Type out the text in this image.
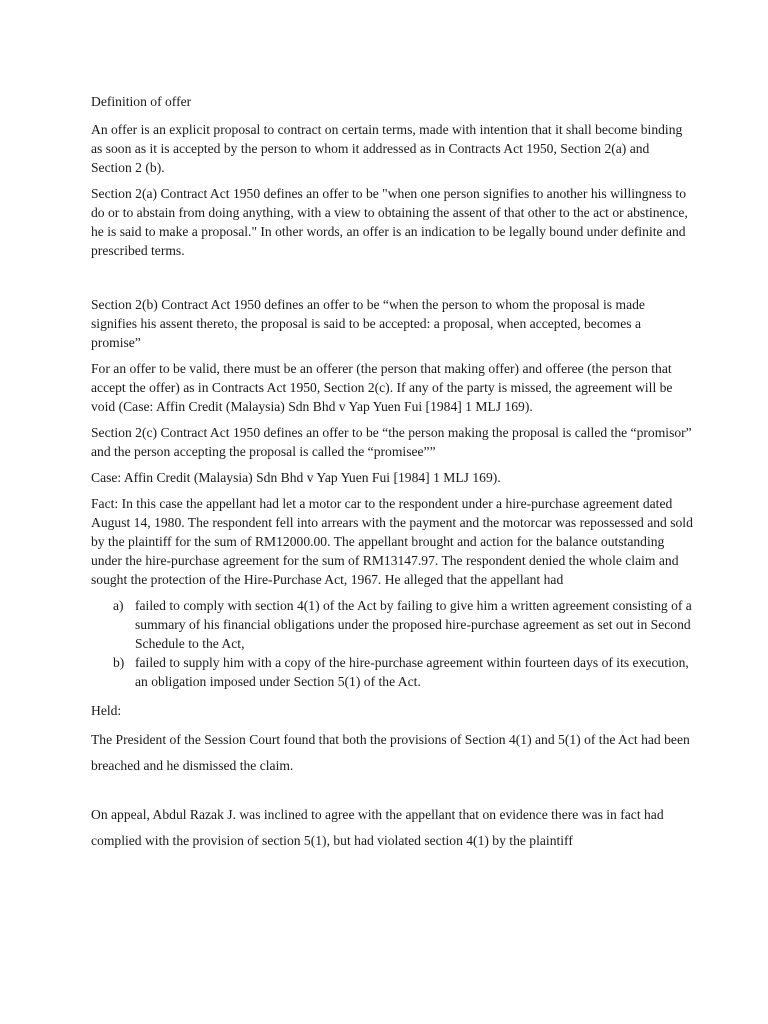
Definition of offer

An offer is an explicit proposal to contract on certain terms, made with intention that it shall become binding as soon as it is accepted by the person to whom it addressed as in Contracts Act 1950, Section 2(a) and Section 2 (b).

Section 2(a) Contract Act 1950 defines an offer to be "when one person signifies to another his willingness to do or to abstain from doing anything, with a view to obtaining the assent of that other to the act or abstinence, he is said to make a proposal." In other words, an offer is an indication to be legally bound under definite and prescribed terms.

Section 2(b) Contract Act 1950 defines an offer to be “when the person to whom the proposal is made signifies his assent thereto, the proposal is said to be accepted: a proposal, when accepted, becomes a promise”

For an offer to be valid, there must be an offerer (the person that making offer) and offeree (the person that accept the offer) as in Contracts Act 1950, Section 2(c). If any of the party is missed, the agreement will be void (Case: Affin Credit (Malaysia) Sdn Bhd v Yap Yuen Fui [1984] 1 MLJ 169).

Section 2(c) Contract Act 1950 defines an offer to be “the person making the proposal is called the “promisor” and the person accepting the proposal is called the “promisee””

Case: Affin Credit (Malaysia) Sdn Bhd v Yap Yuen Fui [1984] 1 MLJ 169).

Fact: In this case the appellant had let a motor car to the respondent under a hire-purchase agreement dated August 14, 1980. The respondent fell into arrears with the payment and the motorcar was repossessed and sold by the plaintiff for the sum of RM12000.00. The appellant brought and action for the balance outstanding under the hire-purchase agreement for the sum of RM13147.97. The respondent denied the whole claim and sought the protection of the Hire-Purchase Act, 1967. He alleged that the appellant had

a) failed to comply with section 4(1) of the Act by failing to give him a written agreement consisting of a summary of his financial obligations under the proposed hire-purchase agreement as set out in Second Schedule to the Act,
b) failed to supply him with a copy of the hire-purchase agreement within fourteen days of its execution, an obligation imposed under Section 5(1) of the Act.

Held:

The President of the Session Court found that both the provisions of Section 4(1) and 5(1) of the Act had been breached and he dismissed the claim.

On appeal, Abdul Razak J. was inclined to agree with the appellant that on evidence there was in fact had complied with the provision of section 5(1), but had violated section 4(1) by the plaintiff
